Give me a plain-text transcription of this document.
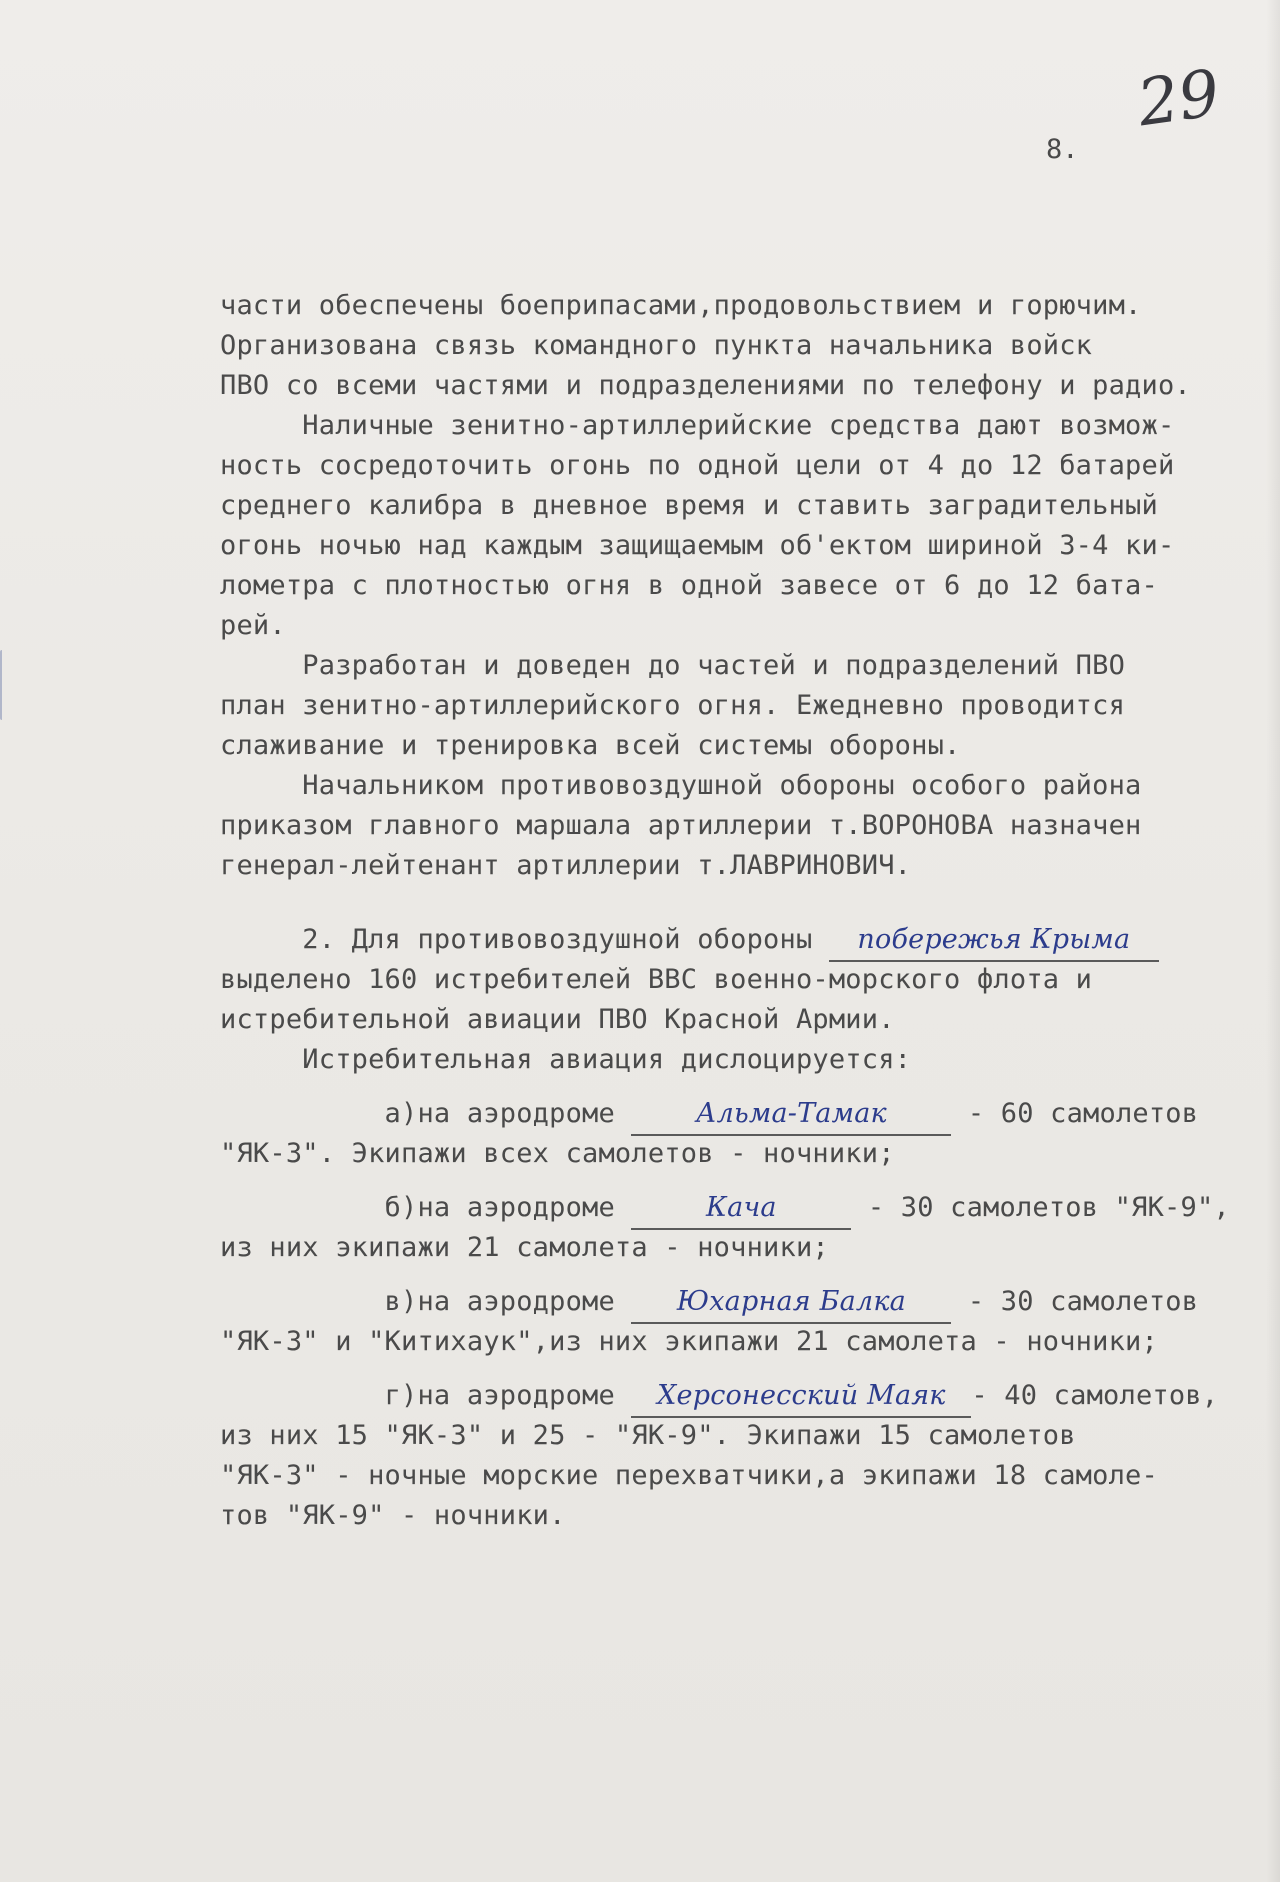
29
8.
части обеспечены боеприпасами,продовольствием и горючим.
Организована связь командного пункта начальника войск
ПВО со всеми частями и подразделениями по телефону и радио.
Наличные зенитно-артиллерийские средства дают возмож-
ность сосредоточить огонь по одной цели от 4 до 12 батарей
среднего калибра в дневное время и ставить заградительный
огонь ночью над каждым защищаемым об'ектом шириной 3-4 ки-
лометра с плотностью огня в одной завесе от 6 до 12 бата-
рей.
Разработан и доведен до частей и подразделений ПВО
план зенитно-артиллерийского огня. Ежедневно проводится
слаживание и тренировка всей системы обороны.
Начальником противовоздушной обороны особого района
приказом главного маршала артиллерии т.ВОРОНОВА назначен
генерал-лейтенант артиллерии т.ЛАВРИНОВИЧ.
2. Для противовоздушной обороны побережья Крыма
выделено 160 истребителей ВВС военно-морского флота и
истребительной авиации ПВО Красной Армии.
Истребительная авиация дислоцируется:
а)на аэродроме Альма-Тамак - 60 самолетов
"ЯК-3". Экипажи всех самолетов - ночники;
б)на аэродроме	Кача	- 30 самолетов "ЯК-9",
из них экипажи 21 самолета - ночники;
в)на аэродроме Юхарная Балка - 30 самолетов
"ЯК-3" и "Китихаук",из них экипажи 21 самолета - ночники;
г)на аэродроме Херсонесский Маяк - 40 самолетов,
из них 15 "ЯК-3" и 25 - "ЯК-9". Экипажи 15 самолетов
"ЯК-3" - ночные морские перехватчики,а экипажи 18 самоле-
тов "ЯК-9" - ночники.
